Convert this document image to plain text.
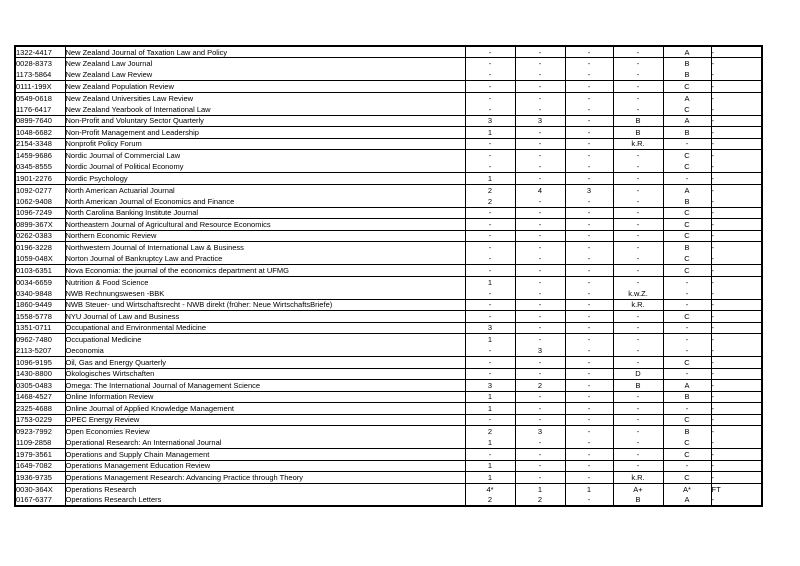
1322-4417	New Zealand Journal of Taxation Law and Policy	-	-	-	-	A	-
0028-8373	New Zealand Law Journal	-	-	-	-	B	-
1173-5864	New Zealand Law Review	-	-	-	-	B	-
0111-199X	New Zealand Population Review	-	-	-	-	C	-
0549-0618	New Zealand Universities Law Review	-	-	-	-	A	-
1176-6417	New Zealand Yearbook of International Law	-	-	-	-	C	-
0899-7640	Non-Profit and Voluntary Sector Quarterly	3	3	-	B	A	-
1048-6682	Non-Profit Management and Leadership	1	-	-	B	B	-
2154-3348	Nonprofit Policy Forum	-	-	-	k.R.	-	-
1459-9686	Nordic Journal of Commercial Law	-	-	-	-	C	-
0345-8555	Nordic Journal of Political Economy	-	-	-	-	C	-
1901-2276	Nordic Psychology	1	-	-	-	-	-
1092-0277	North American Actuarial Journal	2	4	3	-	A	-
1062-9408	North American Journal of Economics and Finance	2	-	-	-	B	-
1096-7249	North Carolina Banking Institute Journal	-	-	-	-	C	-
0899-367X	Northeastern Journal of Agricultural and Resource Economics	-	-	-	-	C	-
0262-0383	Northern Economic Review	-	-	-	-	C	-
0196-3228	Northwestern Journal of International Law & Business	-	-	-	-	B	-
1059-048X	Norton Journal of Bankruptcy Law and Practice	-	-	-	-	C	-
0103-6351	Nova Economia: the journal of the economics department at UFMG	-	-	-	-	C	-
0034-6659	Nutrition & Food Science	1	-	-	-	-	-
0340-9848	NWB Rechnungswesen -BBK	-	-	-	k.w.Z.	-	-
1860-9449	NWB Steuer- und Wirtschaftsrecht - NWB direkt (früher: Neue WirtschaftsBriefe)	-	-	-	k.R.	-	-
1558-5778	NYU Journal of Law and Business	-	-	-	-	C	-
1351-0711	Occupational and Environmental Medicine	3	-	-	-	-	-
0962-7480	Occupational Medicine	1	-	-	-	-	-
2113-5207	Oeconomia	-	3	-	-	-	-
1096-9195	Oil, Gas and Energy Quarterly	-	-	-	-	C	-
1430-8800	Ökologisches Wirtschaften	-	-	-	D	-	-
0305-0483	Omega: The International Journal of Management Science	3	2	-	B	A	-
1468-4527	Online Information Review	1	-	-	-	B	-
2325-4688	Online Journal of Applied Knowledge Management	1	-	-	-	-	-
1753-0229	OPEC Energy Review	-	-	-	-	C	-
0923-7992	Open Economies Review	2	3	-	-	B	-
1109-2858	Operational Research: An International Journal	1	-	-	-	C	-
1979-3561	Operations and Supply Chain Management	-	-	-	-	C	-
1649-7082	Operations Management Education Review	1	-	-	-	-	-
1936-9735	Operations Management Research: Advancing Practice through Theory	1	-	-	k.R.	C	-
0030-364X	Operations Research	4*	1	1	A+	A*	FT
0167-6377	Operations Research Letters	2	2	-	B	A	-
